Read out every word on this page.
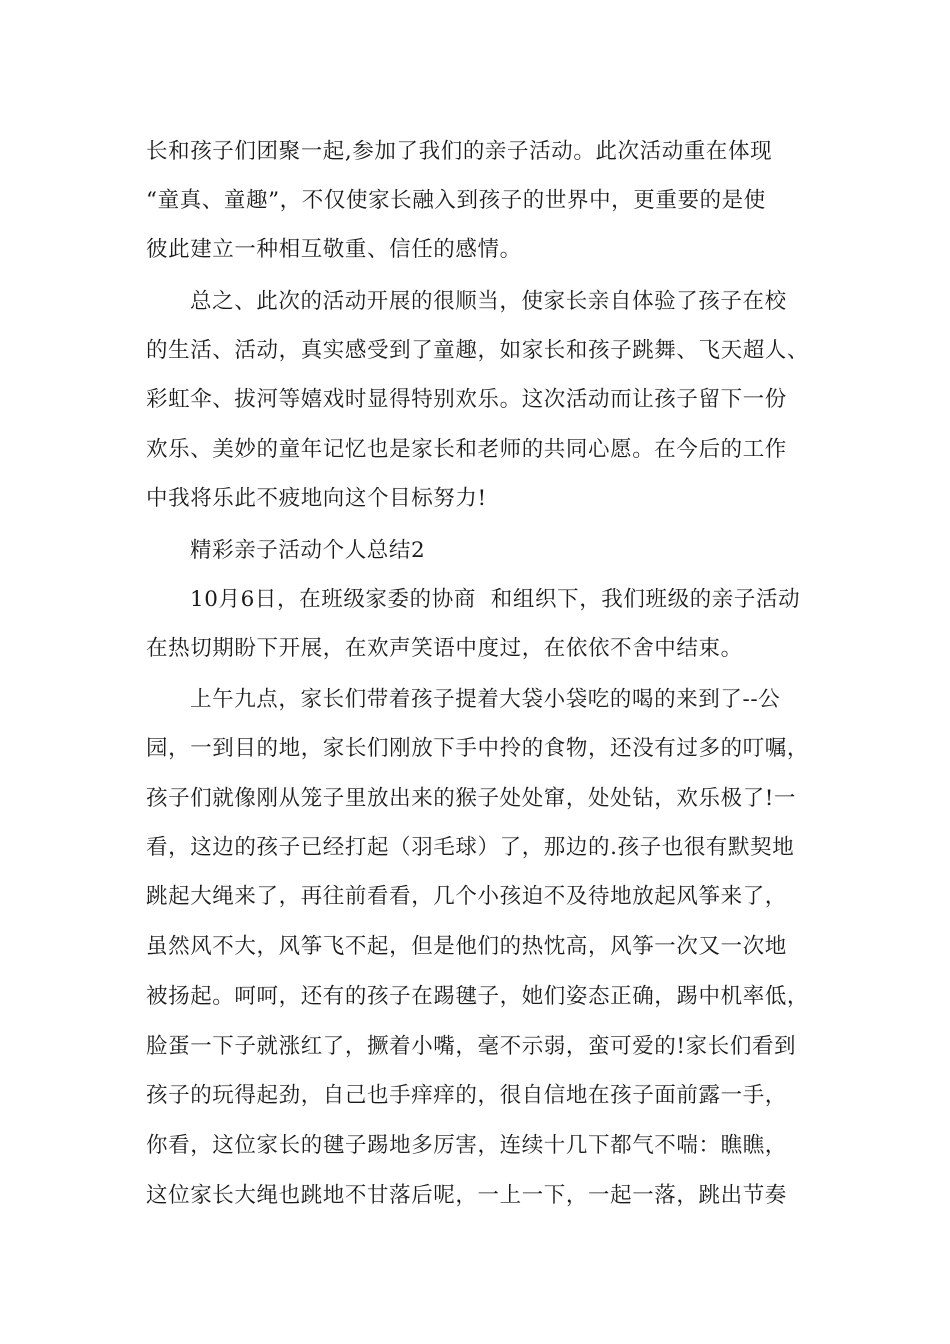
长和孩子们团聚一起,参加了我们的亲子活动。此次活动重在体现
“童真、童趣”，不仅使家长融入到孩子的世界中，更重要的是使
彼此建立一种相互敬重、信任的感情。
总之、此次的活动开展的很顺当，使家长亲自体验了孩子在校
的生活、活动，真实感受到了童趣，如家长和孩子跳舞、飞天超人、
彩虹伞、拔河等嬉戏时显得特别欢乐。这次活动而让孩子留下一份
欢乐、美妙的童年记忆也是家长和老师的共同心愿。在今后的工作
中我将乐此不疲地向这个目标努力!
精彩亲子活动个人总结2
10月6日，在班级家委的协商  和组织下，我们班级的亲子活动
在热切期盼下开展，在欢声笑语中度过，在依依不舍中结束。
上午九点，家长们带着孩子提着大袋小袋吃的喝的来到了--公
园，一到目的地，家长们刚放下手中拎的食物，还没有过多的叮嘱，
孩子们就像刚从笼子里放出来的猴子处处窜，处处钻，欢乐极了!一
看，这边的孩子已经打起（羽毛球）了，那边的.孩子也很有默契地
跳起大绳来了，再往前看看，几个小孩迫不及待地放起风筝来了，
虽然风不大，风筝飞不起，但是他们的热忱高，风筝一次又一次地
被扬起。呵呵，还有的孩子在踢毽子，她们姿态正确，踢中机率低，
脸蛋一下子就涨红了，撅着小嘴，毫不示弱，蛮可爱的!家长们看到
孩子的玩得起劲，自己也手痒痒的，很自信地在孩子面前露一手，
你看，这位家长的毽子踢地多厉害，连续十几下都气不喘：瞧瞧，
这位家长大绳也跳地不甘落后呢，一上一下，一起一落，跳出节奏
